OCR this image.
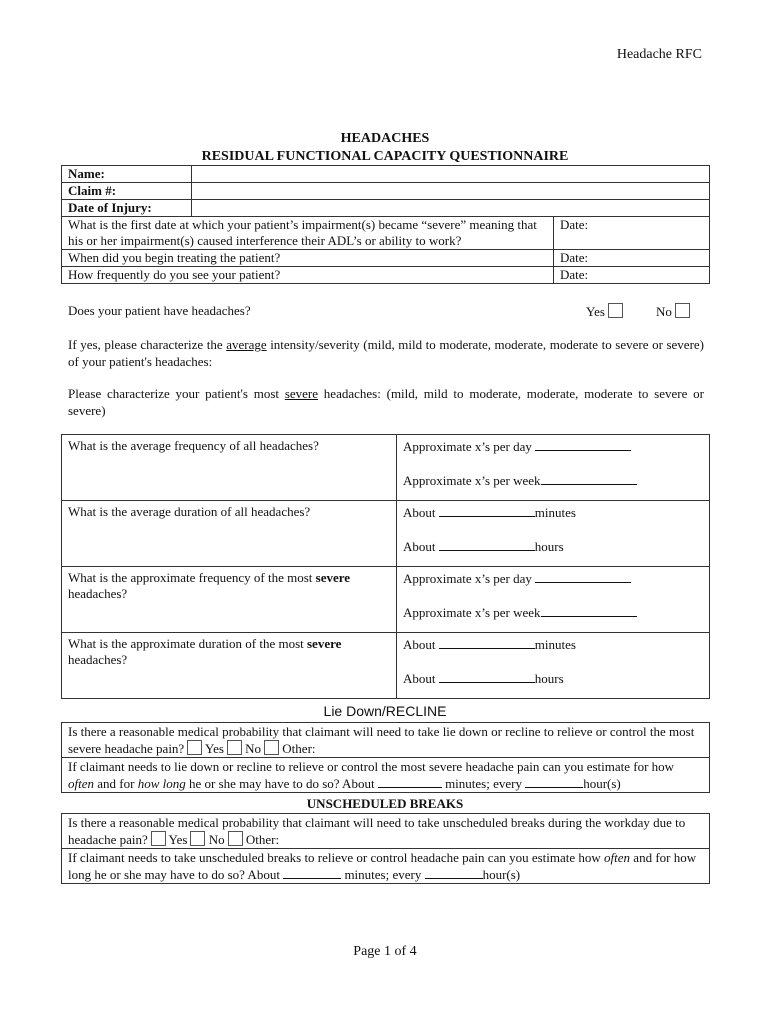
Headache RFC
HEADACHES
RESIDUAL FUNCTIONAL CAPACITY QUESTIONNAIRE
Name:		
Claim #:		
Date of Injury:		
What is the first date at which your patient’s impairment(s) became “severe” meaning that his or her impairment(s) caused interference their ADL’s or ability to work?		Date:
When did you begin treating the patient?		Date:
How frequently do you see your patient?		Date:
Does your patient have headaches?	Yes	No
If yes, please characterize the average intensity/severity (mild, mild to moderate, moderate, moderate to severe or severe) of your patient's headaches:
Please characterize your patient's most severe headaches: (mild, mild to moderate, moderate, moderate to severe or severe)
What is the average frequency of all headaches?	Approximate x’s per day
Approximate x’s per week

What is the average duration of all headaches?	About minutes
About hours

What is the approximate frequency of the most severe headaches?	Approximate x’s per day
Approximate x’s per week

What is the approximate duration of the most severe headaches?	About minutes
About hours
Lie Down/RECLINE
Is there a reasonable medical probability that claimant will need to take lie down or recline to relieve or control the most severe headache pain? Yes No Other:
If claimant needs to lie down or recline to relieve or control the most severe headache pain can you estimate for how often and for how long he or she may have to do so? About	minutes; every	hour(s)
UNSCHEDULED BREAKS
Is there a reasonable medical probability that claimant will need to take unscheduled breaks during the workday due to headache pain? Yes No Other:
If claimant needs to take unscheduled breaks to relieve or control headache pain can you estimate how often and for how long he or she may have to do so? About	minutes; every	hour(s)
Page 1 of 4
